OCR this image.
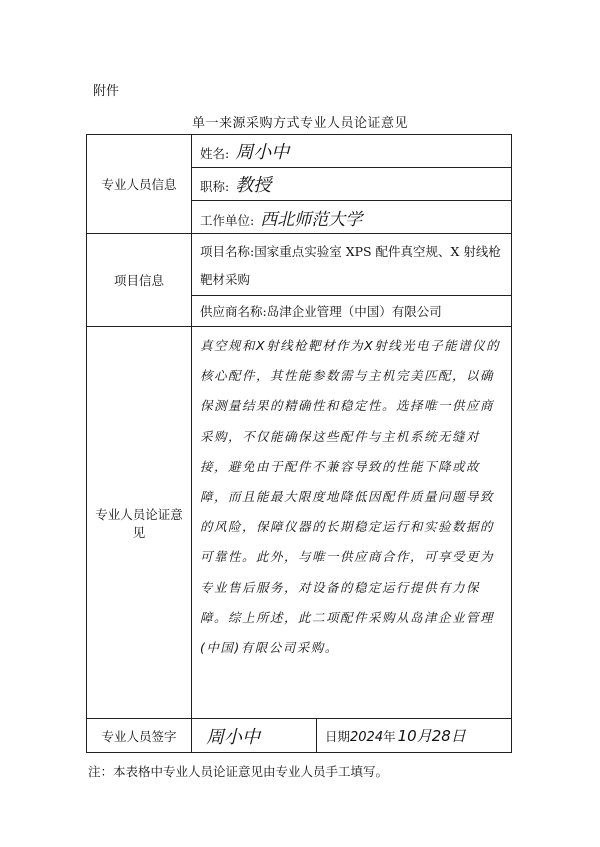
附件
单一来源采购方式专业人员论证意见
专业人员信息	姓名: 周小中	
	职称: 教授	
	工作单位: 西北师范大学	
项目信息	项目名称:国家重点实验室 XPS 配件真空规、X 射线枪靶材采购	
	供应商名称:岛津企业管理（中国）有限公司	
专业人员论证意见	真空规和X射线枪靶材作为X射线光电子能谱仪的核心配件，其性能参数需与主机完美匹配，以确保测量结果的精确性和稳定性。选择唯一供应商采购，不仅能确保这些配件与主机系统无缝对接，避免由于配件不兼容导致的性能下降或故障，而且能最大限度地降低因配件质量问题导致的风险，保障仪器的长期稳定运行和实验数据的可靠性。此外，与唯一供应商合作，可享受更为专业售后服务，对设备的稳定运行提供有力保障。综上所述，此二项配件采购从岛津企业管理(中国)有限公司采购。	
专业人员签字	周小中	日期2024年 10月28日
注：本表格中专业人员论证意见由专业人员手工填写。
